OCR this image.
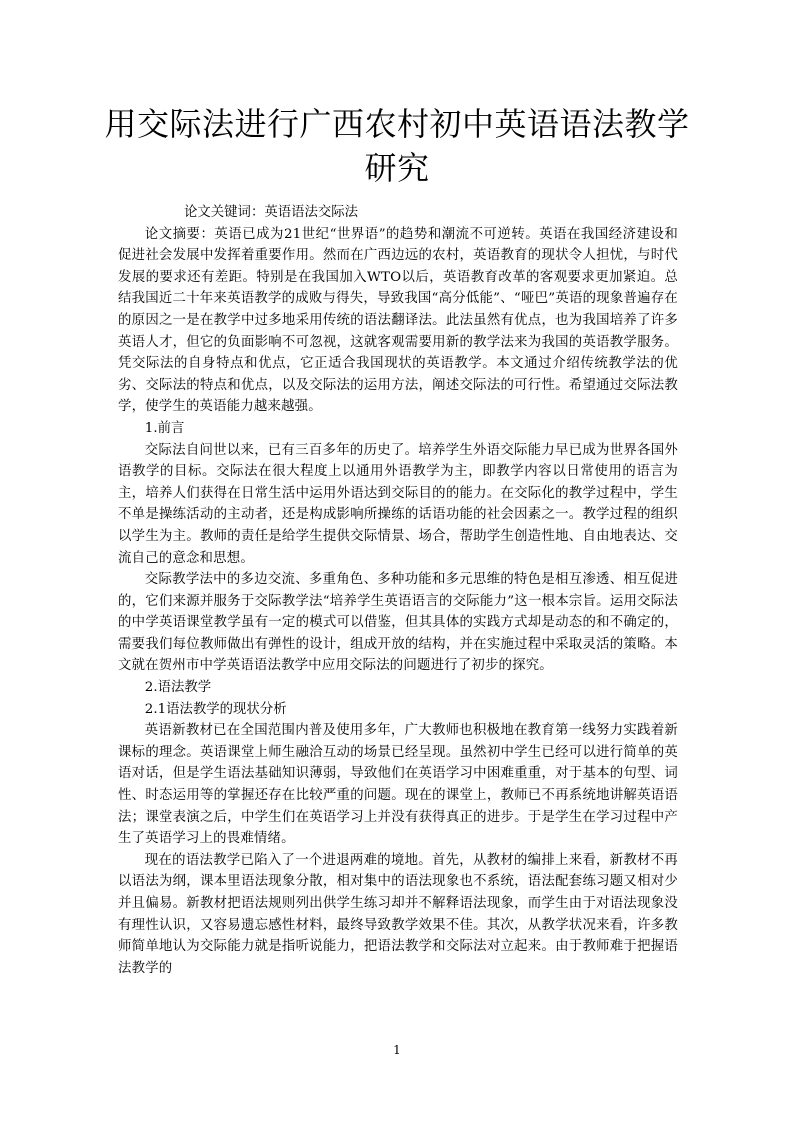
用交际法进行广西农村初中英语语法教学研究

论文关键词：英语语法交际法

论文摘要：英语已成为21世纪“世界语”的趋势和潮流不可逆转。英语在我国经济建设和促进社会发展中发挥着重要作用。然而在广西边远的农村，英语教育的现状令人担忧，与时代发展的要求还有差距。特别是在我国加入WTO以后，英语教育改革的客观要求更加紧迫。总结我国近二十年来英语教学的成败与得失，导致我国“高分低能”、“哑巴”英语的现象普遍存在的原因之一是在教学中过多地采用传统的语法翻译法。此法虽然有优点，也为我国培养了许多英语人才，但它的负面影响不可忽视，这就客观需要用新的教学法来为我国的英语教学服务。凭交际法的自身特点和优点，它正适合我国现状的英语教学。本文通过介绍传统教学法的优劣、交际法的特点和优点，以及交际法的运用方法，阐述交际法的可行性。希望通过交际法教学，使学生的英语能力越来越强。

1.前言

交际法自问世以来，已有三百多年的历史了。培养学生外语交际能力早已成为世界各国外语教学的目标。交际法在很大程度上以通用外语教学为主，即教学内容以日常使用的语言为主，培养人们获得在日常生活中运用外语达到交际目的的能力。在交际化的教学过程中，学生不单是操练活动的主动者，还是构成影响所操练的话语功能的社会因素之一。教学过程的组织以学生为主。教师的责任是给学生提供交际情景、场合，帮助学生创造性地、自由地表达、交流自己的意念和思想。

交际教学法中的多边交流、多重角色、多种功能和多元思维的特色是相互渗透、相互促进的，它们来源并服务于交际教学法“培养学生英语语言的交际能力”这一根本宗旨。运用交际法的中学英语课堂教学虽有一定的模式可以借鉴，但其具体的实践方式却是动态的和不确定的，需要我们每位教师做出有弹性的设计，组成开放的结构，并在实施过程中采取灵活的策略。本文就在贺州市中学英语语法教学中应用交际法的问题进行了初步的探究。

2.语法教学

2.1语法教学的现状分析

英语新教材已在全国范围内普及使用多年，广大教师也积极地在教育第一线努力实践着新课标的理念。英语课堂上师生融洽互动的场景已经呈现。虽然初中学生已经可以进行简单的英语对话，但是学生语法基础知识薄弱，导致他们在英语学习中困难重重，对于基本的句型、词性、时态运用等的掌握还存在比较严重的问题。现在的课堂上，教师已不再系统地讲解英语语法；课堂表演之后，中学生们在英语学习上并没有获得真正的进步。于是学生在学习过程中产生了英语学习上的畏难情绪。

现在的语法教学已陷入了一个进退两难的境地。首先，从教材的编排上来看，新教材不再以语法为纲，课本里语法现象分散，相对集中的语法现象也不系统，语法配套练习题又相对少并且偏易。新教材把语法规则列出供学生练习却并不解释语法现象，而学生由于对语法现象没有理性认识，又容易遗忘感性材料，最终导致教学效果不佳。其次，从教学状况来看，许多教师简单地认为交际能力就是指听说能力，把语法教学和交际法对立起来。由于教师难于把握语法教学的

1
